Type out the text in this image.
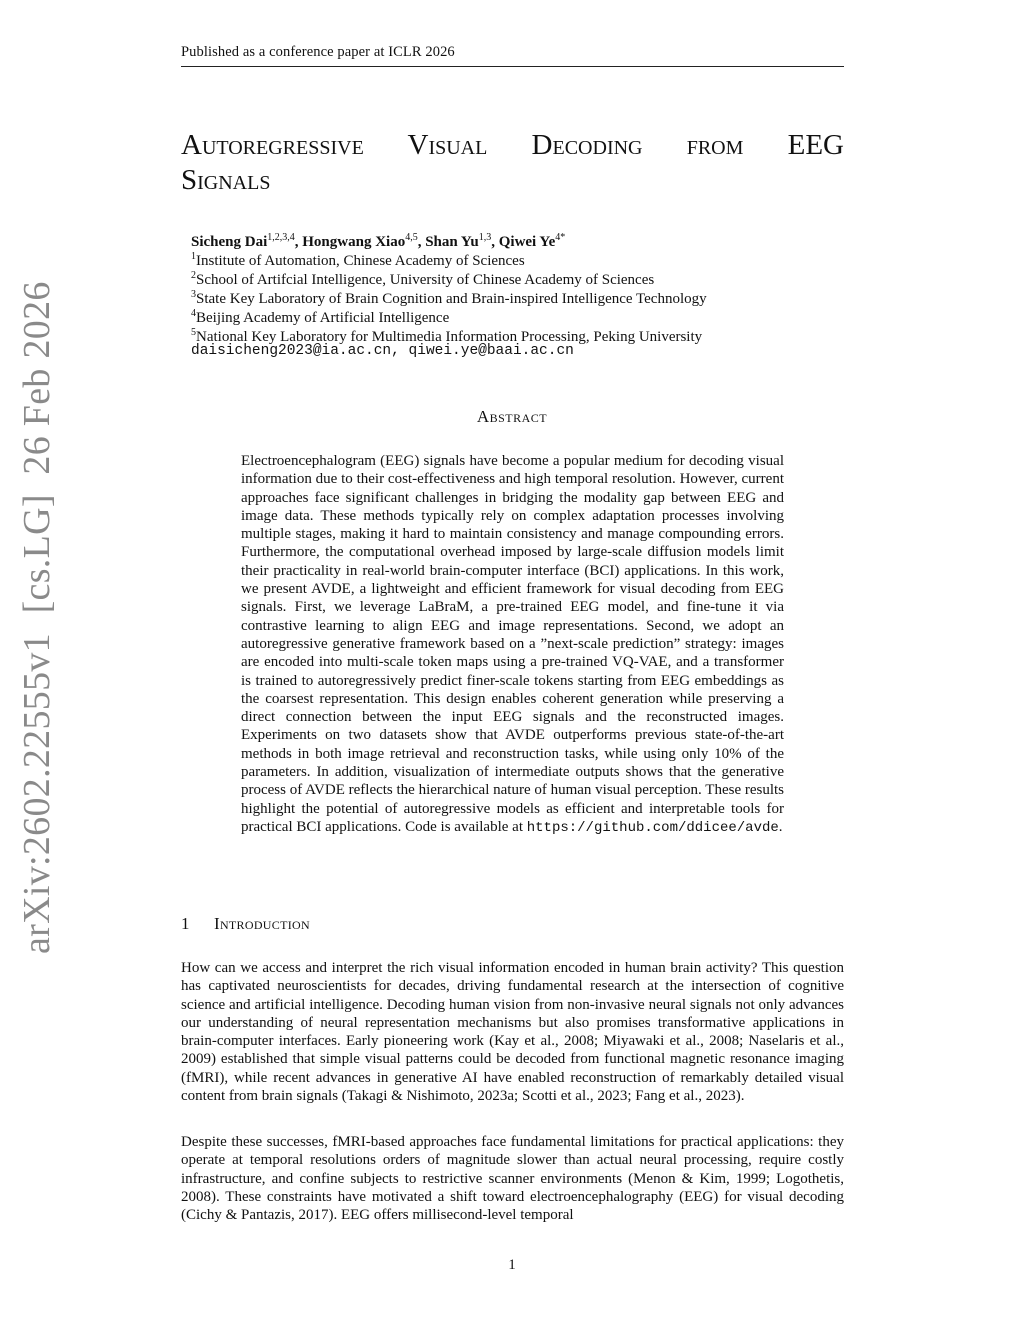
Published as a conference paper at ICLR 2026
Autoregressive Visual Decoding from EEG
Signals
Sicheng Dai$^{1,2,3,4}$, Hongwang Xiao$^{4,5}$, Shan Yu$^{1,3}$, Qiwei $Ye^{4*}$
$^1$Institute of Automation, Chinese Academy of Sciences
$^2$School of Artifcial Intelligence, University of Chinese Academy of Sciences
$^3$State Key Laboratory of Brain Cognition and Brain-inspired Intelligence Technology
$^4$Beijing Academy of Artificial Intelligence
$^5$National Key Laboratory for Multimedia Information Processing, Peking University
daisicheng2023@ia.ac.cn, qiwei.ye@baai.ac.cn
Abstract
Electroencephalogram (EEG) signals have become a popular medium for decoding visual information due to their cost-effectiveness and high temporal resolution. However, current approaches face significant challenges in bridging the modality gap between EEG and image data. These methods typically rely on complex adaptation processes involving multiple stages, making it hard to maintain consistency and manage compounding errors. Furthermore, the computational overhead imposed by large-scale diffusion models limit their practicality in real-world brain-computer interface (BCI) applications. In this work, we present AVDE, a lightweight and efficient framework for visual decoding from EEG signals. First, we leverage LaBraM, a pre-trained EEG model, and fine-tune it via contrastive learning to align EEG and image representations. Second, we adopt an autoregressive generative framework based on a ”next-scale prediction” strategy: images are encoded into multi-scale token maps using a pre-trained VQ-VAE, and a transformer is trained to autoregressively predict finer-scale tokens starting from EEG embeddings as the coarsest representation. This design enables coherent generation while preserving a direct connection between the input EEG signals and the reconstructed images. Experiments on two datasets show that AVDE outperforms previous state-of-the-art methods in both image retrieval and reconstruction tasks, while using only 10% of the parameters. In addition, visualization of intermediate outputs shows that the generative process of AVDE reflects the hierarchical nature of human visual perception. These results highlight the potential of autoregressive models as efficient and interpretable tools for practical BCI applications. Code is available at https://github.com/ddicee/avde.
1 Introduction

How can we access and interpret the rich visual information encoded in human brain activity? This question has captivated neuroscientists for decades, driving fundamental research at the intersection of cognitive science and artificial intelligence. Decoding human vision from non-invasive neural signals not only advances our understanding of neural representation mechanisms but also promises transformative applications in brain-computer interfaces. Early pioneering work (Kay et al., 2008; Miyawaki et al., 2008; Naselaris et al., 2009) established that simple visual patterns could be decoded from functional magnetic resonance imaging (fMRI), while recent advances in generative AI have enabled reconstruction of remarkably detailed visual content from brain signals (Takagi & Nishimoto, 2023a; Scotti et al., 2023; Fang et al., 2023).

Despite these successes, fMRI-based approaches face fundamental limitations for practical applications: they operate at temporal resolutions orders of magnitude slower than actual neural processing, require costly infrastructure, and confine subjects to restrictive scanner environments (Menon & Kim, 1999; Logothetis, 2008). These constraints have motivated a shift toward electroencephalography (EEG) for visual decoding (Cichy & Pantazis, 2017). EEG offers millisecond-level temporal

1
arXiv:2602.22555v1  [cs.LG]  26 Feb 2026
